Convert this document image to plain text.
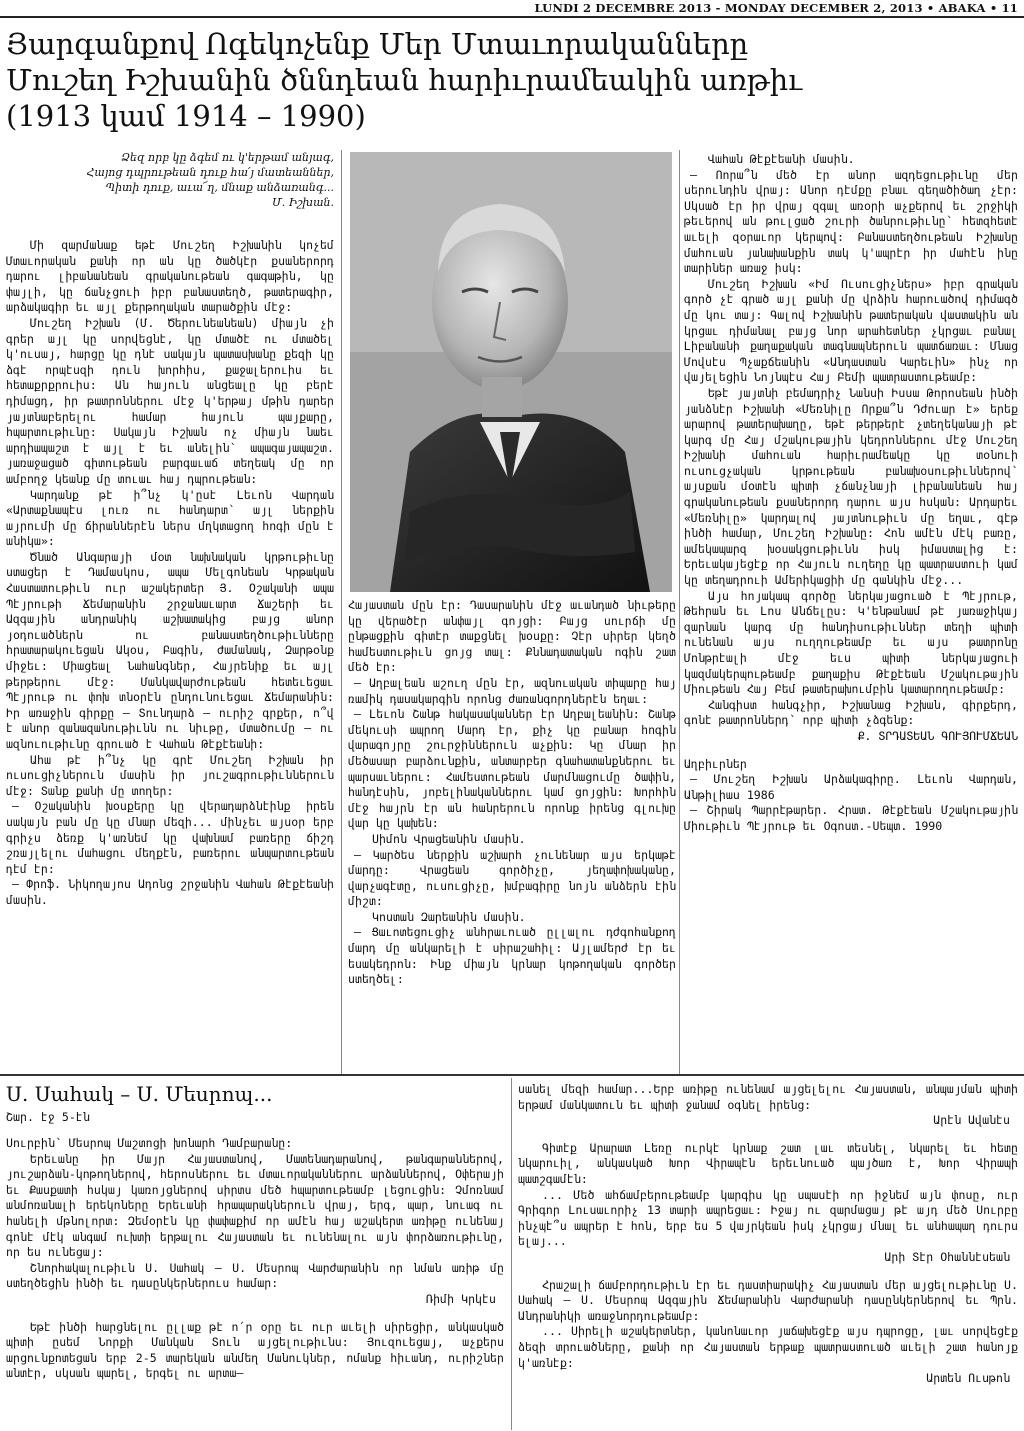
LUNDI 2 DECEMBRE 2013 - MONDAY DECEMBER 2, 2013 • ABAKA • 11
Յարգանքով Ոգեկոչենք Մեր Մտաւորականները
Մուշեղ Իշխանին ծննդեան հարիւրամեակին առթիւ
(1913 կամ 1914 – 1990)
Ձեզ որբ կը ձգեմ ու կ'երթամ անյագ,
Հայոց դպրութեան դուք հա՛յ մատեաններ,
Պիտի դուք, աւա՜ղ, մնաք անձառանգ...
Մ. Իշխան.

Մի զարմանաք եթէ Մուշեղ Իշխանին կոչեմ Մտաւորական քանի որ ան կը ծածկէր քսաներորդ դարու լիբանանեան գրականութեան գագաթին, կը փայլի, կը ճանչցուի իբր բանաստեղծ, թատերագիր, արձակագիր եւ այլ քերթողական տարածքին մէջ:

Մուշեղ Իշխան (Մ. Ծերունեանեան) միայն չի գրեր այլ կը սորվեցնէ, կը մտածէ ու մտածել կ'ուսայ, հարցը կը դնէ սակայն պատասխանը քեզի կը ձգէ որպէսզի դուն խորհիս, քաջալերուիս եւ հետաքրքրուիս: Ան հայուն անցեալը կը բերէ դիմացդ, իր թատրոններու մէջ կ'երթայ մթին դարեր յայտնաբերելու համար հայուն պայքարը, հպարտութիւնը: Սակայն Իշխան ոչ միայն նաեւ արդիապաշտ է այլ է եւ անելին՝ ապագայապաշտ. յառաջացած գիտութեան բարգաւաճ տեղեակ մը որ ամբողջ կեանք մը տուաւ հայ դպրութեան:

Կարդանք թէ ի՞նչ կ'ըսէ Լեւոն Վարդան «Արտաքնապէս լուռ ու հանդարտ՝ այլ ներքին այրումի մը ճիրաններէն ներս մղկտացող հոգի մըն է անիկա»:

Ծնած Անգարայի մօտ նախնական կրթութիւնը ստացեր է Դամասկոս, ապա Մելգոնեան Կրթական Հաստատութիւն ուր աշակերտեր Յ. Օշականի ապա Պէյրութի Ճեմարանին շրջանաւարտ Ճաշերի եւ Ազգային անդրանիկ աշխատակից բայց անոր յօդուածներն ու բանաստեղծութիւնները հրատարակուեցան Ակօս, Բագին, Ժամանակ, Զարթօնք միջեւ: Միացեալ Նահանգներ, Հայրենիք եւ այլ թերթերու մէջ: Մանկավարժութեան հետեւեցաւ Պէյրութ ու փոխ տնօրէն ընդունուեցաւ Ճեմարանին: Իր առաջին գիրքը – Տունդարձ – ուրիշ գրքեր, ո՞վ է անոր զանազանութիւնն ու նիւթը, մտածումը – ու ազնուութիւնը գրուած է Վահան Թէքէեանի:

Ահա թէ ի՞նչ կը գրէ Մուշեղ Իշխան իր ուսուցիչներուն մասին իր յուշագրութիւններուն մէջ: Տանք քանի մը տողեր:

– Օշականին խօսքերը կը վերադարձնէինք իրեն սակայն բան մը կը մնար մեզի... մինչեւ այսօր երբ գրիչս ձեռք կ'առնեմ կը վախնամ բառերը ճիշդ շռայլելու մահացու մեղքէն, բառերու անպարտութեան դէմ էր:

– Փրոֆ. Նիկողայոս Ադոնց շրջանին Վահան Թէքէեանի մասին.

Հայաստան մըն էր: Դասարանին մէջ աւանդած նիւթերը կը վերածէր անփայլ գոյցի: Բայց սուրճի մը ընթացքին գիտէր տաքցնել խօսքը: Չէր սիրեր կեղծ համեստութիւն ցոյց տալ: Քննադատական ոգին շատ մեծ էր:

– Աղբալեան աշուղ մըն էր, ազնուական տիպարը հայ ռամիկ դասակարգին որոնց ժառանգորդներէն եղաւ:

– Լեւոն Շանթ հակասականներ էր Աղբալեանին: Շանթ մեկուսի ապրող Մարդ էր, քիչ կը բանար հոգին վարագոյրը շուրջիններուն աչքին: Կը մնար իր մեծասար բարձունքին, անտարբեր գնահատանքներու եւ պարսաւներու: Համեստութեան մարմնացումը ծափին, հանդէսին, յոբելինականներու կամ ցոյցին: Խորհին մէջ հայրն էր ան հանրերուն որոնք իրենց գլուխը վար կը կախեն:

Սիմոն Վրացեանին մասին.

– Կարծես ներքին աշխարհ չունենար այս երկաթէ մարդը: Վրացեան գործիչը, յեղափոխականը, վարչագէտը, ուսուցիչը, խմբագիրը նոյն անձերն էին միշտ:

Կոստան Զարեանին մասին.

– Ցաւոտեցուցիչ անհրաւուած ըլլալու դժգոհանքող մարդ մը անկարելի է սիրաշահիլ: Այլամերժ էր եւ եսակեդրոն: Ինք միայն կրնար կոթողական գործեր ստեղծել:

Վահան Թէքէեանի մասին.

– Ոորա՞ն մեծ էր անոր ազդեցութիւնը մեր սերունդին վրայ: Անոր դէմքը բնաւ գեղածիծաղ չէր: Սկսած էր իր վրայ զգալ առօրի աչքերով եւ շրջիկի թեւերով ան թուլցած շուրի ծանրութիւնը՝ հետզհետէ աւելի զօրաւոր կերպով: Բանաստեղծութեան Իշխանը մահուան յանախանքին տակ կ'ապրէր իր մահէն ինը տարիներ առաջ իսկ:

Մուշեղ Իշխան «Իմ Ուսուցիչներս» իբր գրական գործ չէ գրած այլ քանի մը վրձին հարուածով դիմագծ մը կու տայ: Գալով Իշխանին թատերական վաստակին ան կրցաւ դիմանալ բայց նոր արահետներ չկրցաւ բանալ Լիբանանի քաղաքական տագնապներուն պատճառաւ: Մնաց Մովսէս Պչաքճեանին «Անդաստան Կարեւին» ինչ որ վայելեցին Նոյնպէս Հայ Բեմի պատրաստութեամբ:

Եթէ յայտնի բեմադրիչ Նանսի Իսսա Թորոսեան ինծի յանձնէր Իշխանի «Մեռնիլը Որքա՞ն Դժուար է» երեք արարով թատերախաղը, եթէ թերթերէ չտեղեկանայի թէ կարգ մը Հայ մշակութային կեդրոններու մէջ Մուշեղ Իշխանի մահուան հարիւրամեակը կը տօնուի ուսուցչական կրթութեան բանախօսութիւններով՝ այսքան մօտէն պիտի չճանչնայի լիբանանեան հայ գրականութեան քսաներորդ դարու այս հսկան: Արդարեւ «Մեռնիլը» կարդալով յայտնութիւն մը եղաւ, գէթ ինծի համար, Մուշեղ Իշխանը: Հոն ամէն մէկ բառը, ամեկապարզ խօսակցութիւնն իսկ իմաստալից է: Երեւակայեցէք որ Հայուն ուղեղը կը պատրաստուի կամ կը տեղադրուի Ամերիկացիի մը գանկին մէջ...

Այս հոյակապ գործը ներկայացուած է Պէյրութ, Թեհրան եւ Լոս Անճելըս: Կ'ենթանամ թէ յառաջիկայ զարնան կարգ մը հանդիսութիւններ տեղի պիտի ունենան այս ուղղութեամբ եւ այս թատրոնը Մոնթրէալի մէջ եւս պիտի ներկայացուի կազմակերպութեամբ քաղաքիս Թէքէեան Մշակութային Միութեան Հայ Բեմ թատերախումբին կատարողութեամբ:

Հանգիստ հանգչիր, Իշխանաց Իշխան, գիրքերդ, գոնէ թատրոններդ՝ որբ պիտի չձգենք:

Ք. ՏՐԴԱՏԵԱՆ ԳՈՒՅՈՒՄՃԵԱՆ

Աղբիւրներ

– Մուշեղ Իշխան Արձակագիրը. Լեւոն Վարդան, Անթիլիաս 1986

– Շիրակ Պարրէթարեր. Հրատ. Թէքէեան Մշակութային Միութիւն Պէյրութ եւ Օգոստ.-Սեպտ. 1990

Ս. Սահակ – Ս. Մեսրոպ...
Շար. էջ 5-էն

Սուրբին՝ Մեսրոպ Մաշտոցի խոնարհ Դամբարանը:

Երեւանը իր Մայր Հայաստանով, Մատենադարանով, թանգարաններով, յուշարձան-կոթողներով, հերոսներու եւ մտաւորականներու արձաններով, Օփերայի եւ Քասքատի հսկայ կառոյցներով սիրտս մեծ հպարտութեամբ լեցուցին: Չմոռնամ անմոռանալի երեկոները Երեւանի հրապարակներուն վրայ, երգ, պար, նուագ ու հանելի մթնոլորտ: Զեմօրէն կը փափաքիմ որ ամէն հայ աշակերտ առիթը ունենայ գոնէ մէկ անգամ ուխտի երթալու Հայաստան եւ ունենալու այն փորձառութիւնը, որ ես ունեցայ:

Շնորհակալութիւն Ս. Սահակ – Ս. Մեսրոպ Վարժարանին որ նման առիթ մը ստեղծեցին ինծի եւ դասընկերներուս համար:

Ռիմի Կրկէս

Եթէ ինծի հարցնելու ըլլաք թէ ո՛ր օրը եւ ուր աւելի սիրեցիր, անկասկած պիտի ըսեմ Նորքի Մանկան Տուն այցելութիւնս: Յուզուեցայ, աչքերս արցունքոտեցան երբ 2-5 տարեկան անմեղ Մանուկներ, ոմանք հիւանդ, ուրիշներ անտէր, սկսան պարել, երգել ու արտա–

սանել մեզի համար...Երբ առիթը ունենամ այցելելու Հայաստան, անպայման պիտի երթամ մանկատուն եւ պիտի ջանամ օգնել իրենց:

Արէն Ավանէս

Գիտէք Արարատ Լեռը ուրկէ կրնաք շատ լաւ տեսնել, նկարել եւ հետը նկարուիլ, անկասկած Խոր Վիրապէն երեւնուած պայծառ է, Խոր Վիրապի պատշգամէն:

... Մեծ ահճամբերութեամբ կարգիս կը սպասէի որ իջնեմ այն փոսը, ուր Գրիգոր Լուսաւորիչ 13 տարի ապրեցաւ: Իջայ ու զարմացայ թէ այդ մեծ Սուրբը ինչպէ՞ս ապրեր է հոն, երբ ես 5 վայրկեան իսկ չկրցայ մնալ եւ անհապաղ դուրս ելայ...

Արի Տէր Օհաննէսեան

Հրաշալի ճամբորդութիւն էր եւ դաստիարակիչ Հայաստան մեր այցելութիւնը Ս. Սահակ – Ս. Մեսրոպ Ազգային Ճեմարանին Վարժարանի դասընկերներով եւ Պրն. Անդրանիկի առաջնորդութեամբ:

... Սիրելի աշակերտներ, կանոնաւոր յաճախեցէք այս դպրոցը, լաւ սորվեցէք ձեզի տրուածները, քանի որ Հայաստան երթաք պատրաստուած աւելի շատ հանոյք կ'առնէք:

Արտեն Ուսթոն
